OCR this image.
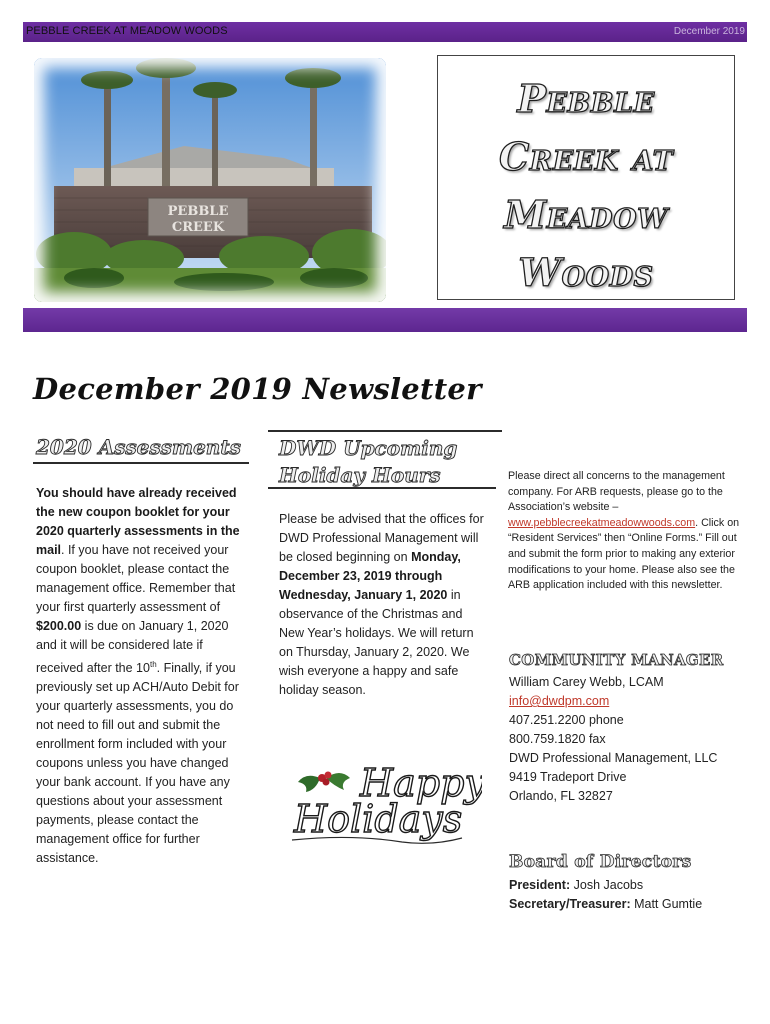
PEBBLE CREEK AT MEADOW WOODS	December 2019
PEBBLE
CREEK
Pebble
Creek at
Meadow
Woods
December 2019 Newsletter
2020 Assessments
You should have already received the new coupon booklet for your 2020 quarterly assessments in the mail. If you have not received your coupon booklet, please contact the management office. Remember that your first quarterly assessment of $200.00 is due on January 1, 2020 and it will be considered late if received after the 10th. Finally, if you previously set up ACH/Auto Debit for your quarterly assessments, you do not need to fill out and submit the enrollment form included with your coupons unless you have changed your bank account. If you have any questions about your assessment payments, please contact the management office for further assistance.
DWD Upcoming
Holiday Hours
Please be advised that the offices for DWD Professional Management will be closed beginning on Monday, December 23, 2019 through Wednesday, January 1, 2020 in observance of the Christmas and New Year’s holidays. We will return on Thursday, January 2, 2020. We wish everyone a happy and safe holiday season.
Happy
Holidays
Please direct all concerns to the management company. For ARB requests, please go to the Association’s website – www.pebblecreekatmeadowwoods.com. Click on “Resident Services” then “Online Forms.” Fill out and submit the form prior to making any exterior modifications to your home. Please also see the ARB application included with this newsletter.
COMMUNITY MANAGER
William Carey Webb, LCAM
info@dwdpm.com
407.251.2200 phone
800.759.1820 fax
DWD Professional Management, LLC
9419 Tradeport Drive
Orlando, FL 32827
Board of Directors
President: Josh Jacobs
Secretary/Treasurer: Matt Gumtie
